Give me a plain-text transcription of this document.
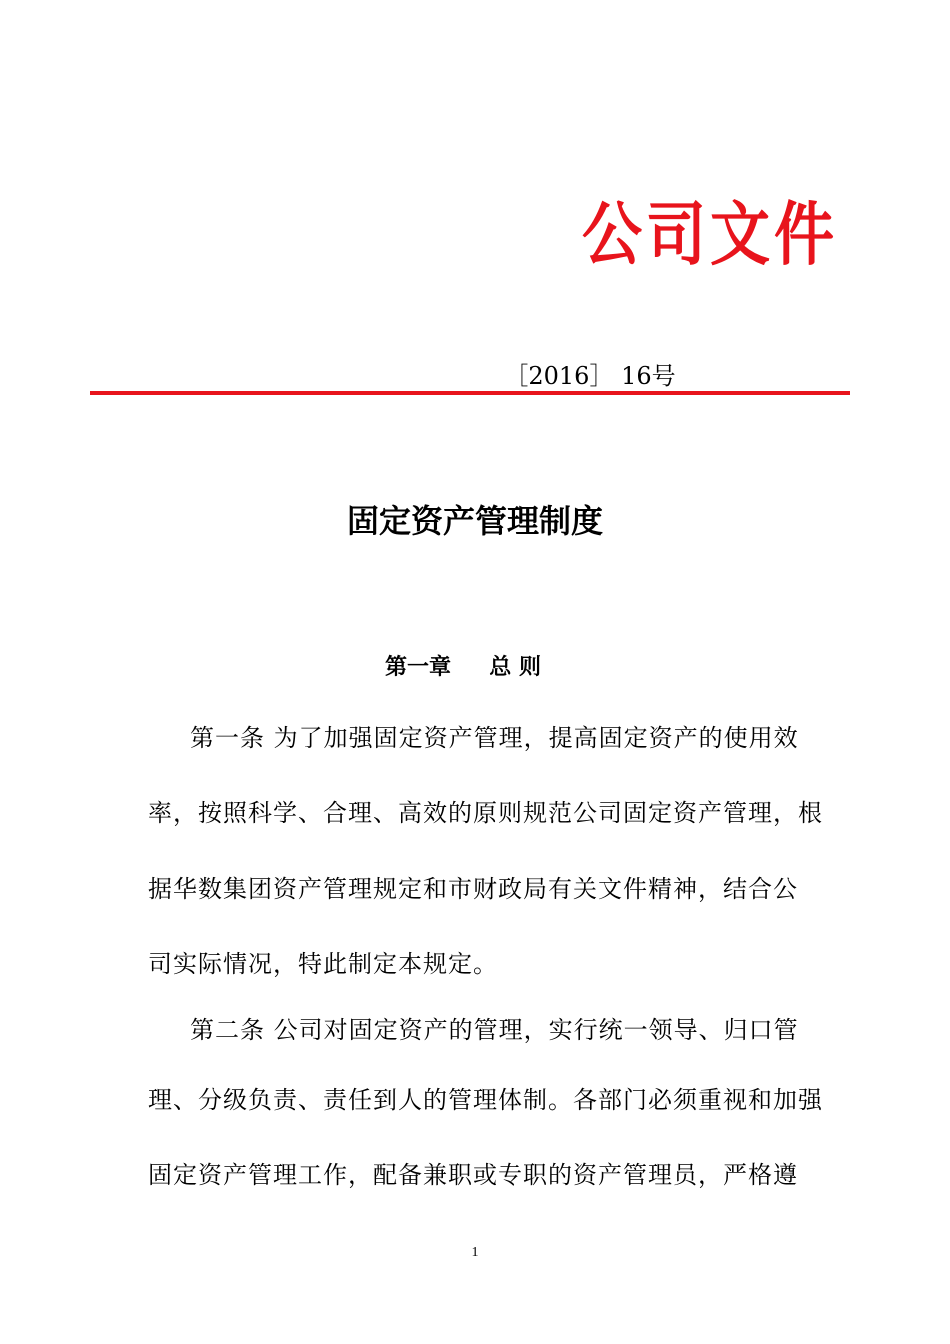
公司文件
［2016］ 16号
固定资产管理制度
第一章     总 则
第一条 为了加强固定资产管理，提高固定资产的使用效
率，按照科学、合理、高效的原则规范公司固定资产管理，根
据华数集团资产管理规定和市财政局有关文件精神，结合公
司实际情况，特此制定本规定。
第二条 公司对固定资产的管理，实行统一领导、归口管
理、分级负责、责任到人的管理体制。各部门必须重视和加强
固定资产管理工作，配备兼职或专职的资产管理员，严格遵
1
